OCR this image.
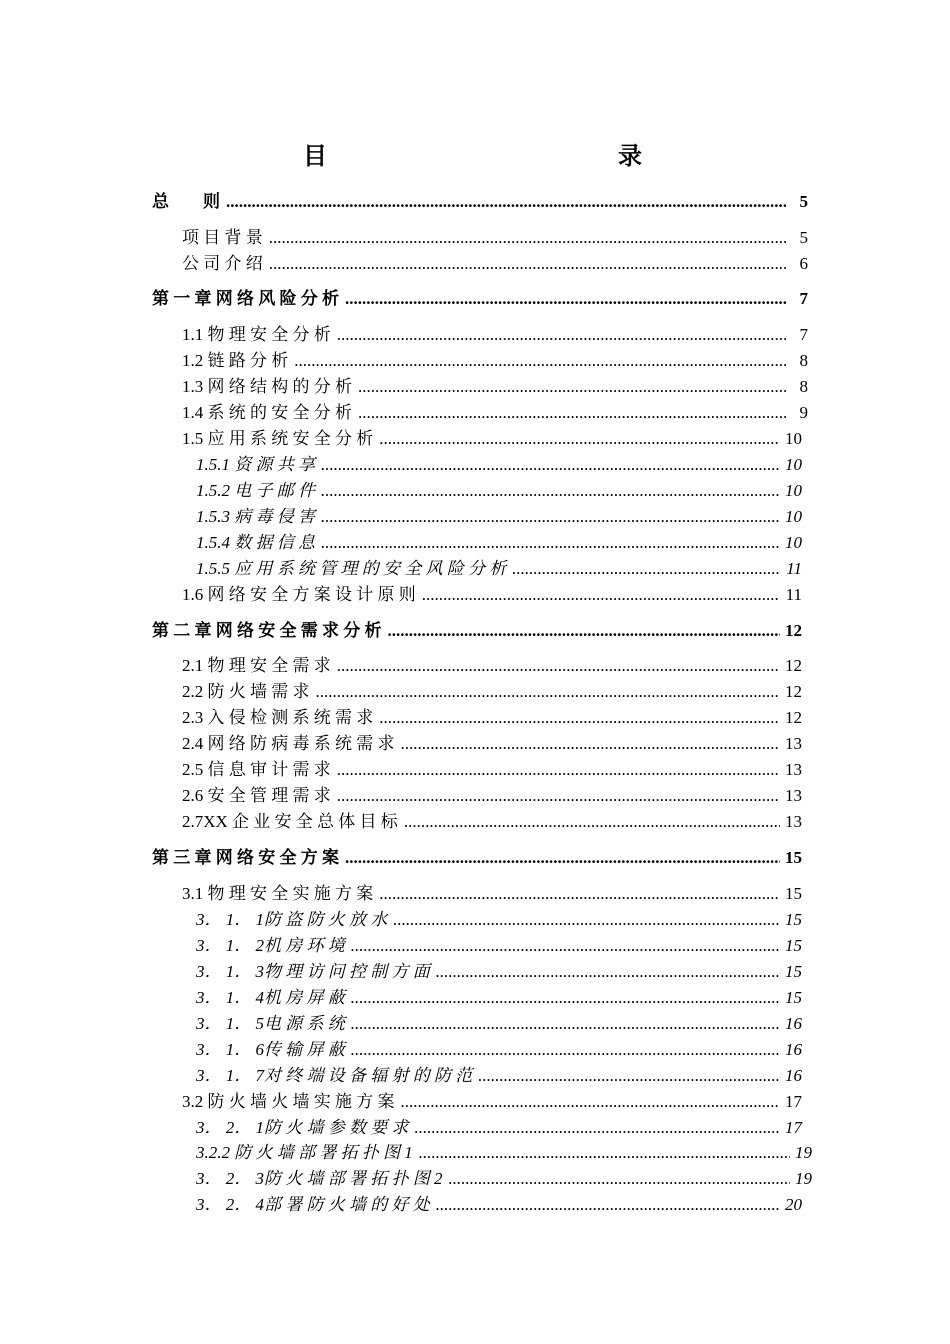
目	录
总　　则 .....	5
项 目 背 景 .....	5
公 司 介 绍 .....	6
第 一 章 网 络 风 险 分 析 .....	7
1.1 物 理 安 全 分 析 .....	7
1.2 链 路 分 析 .....	8
1.3 网 络 结 构 的 分 析 .....	8
1.4 系 统 的 安 全 分 析 .....	9
1.5 应 用 系 统 安 全 分 析 .....	10
1.5.1 资 源 共 享 .....	10
1.5.2 电 子 邮 件 .....	10
1.5.3 病 毒 侵 害 .....	10
1.5.4 数 据 信 息 .....	10
1.5.5 应 用 系 统 管 理 的 安 全 风 险 分 析 .....	11
1.6 网 络 安 全 方 案 设 计 原 则 .....	11
第 二 章 网 络 安 全 需 求 分 析 .....	12
2.1 物 理 安 全 需 求 .....	12
2.2 防 火 墙 需 求 .....	12
2.3 入 侵 检 测 系 统 需 求 .....	12
2.4 网 络 防 病 毒 系 统 需 求 .....	13
2.5 信 息 审 计 需 求 .....	13
2.6 安 全 管 理 需 求 .....	13
2.7XX 企 业 安 全 总 体 目 标 .....	13
第 三 章 网 络 安 全 方 案 .....	15
3.1 物 理 安 全 实 施 方 案 .....	15
3． 1． 1防 盗 防 火 放 水 .....	15
3． 1． 2机 房 环 境 .....	15
3． 1． 3物 理 访 问 控 制 方 面 .....	15
3． 1． 4机 房 屏 蔽 .....	15
3． 1． 5电 源 系 统 .....	16
3． 1． 6传 输 屏 蔽 .....	16
3． 1． 7对 终 端 设 备 辐 射 的 防 范 .....	16
3.2 防 火 墙 火 墙 实 施 方 案 .....	17
3． 2． 1防 火 墙 参 数 要 求 .....	17
3.2.2 防 火 墙 部 署 拓 扑 图 1 .....	19
3． 2． 3防 火 墙 部 署 拓 扑 图 2 .....	19
3． 2． 4部 署 防 火 墙 的 好 处 .....	20
